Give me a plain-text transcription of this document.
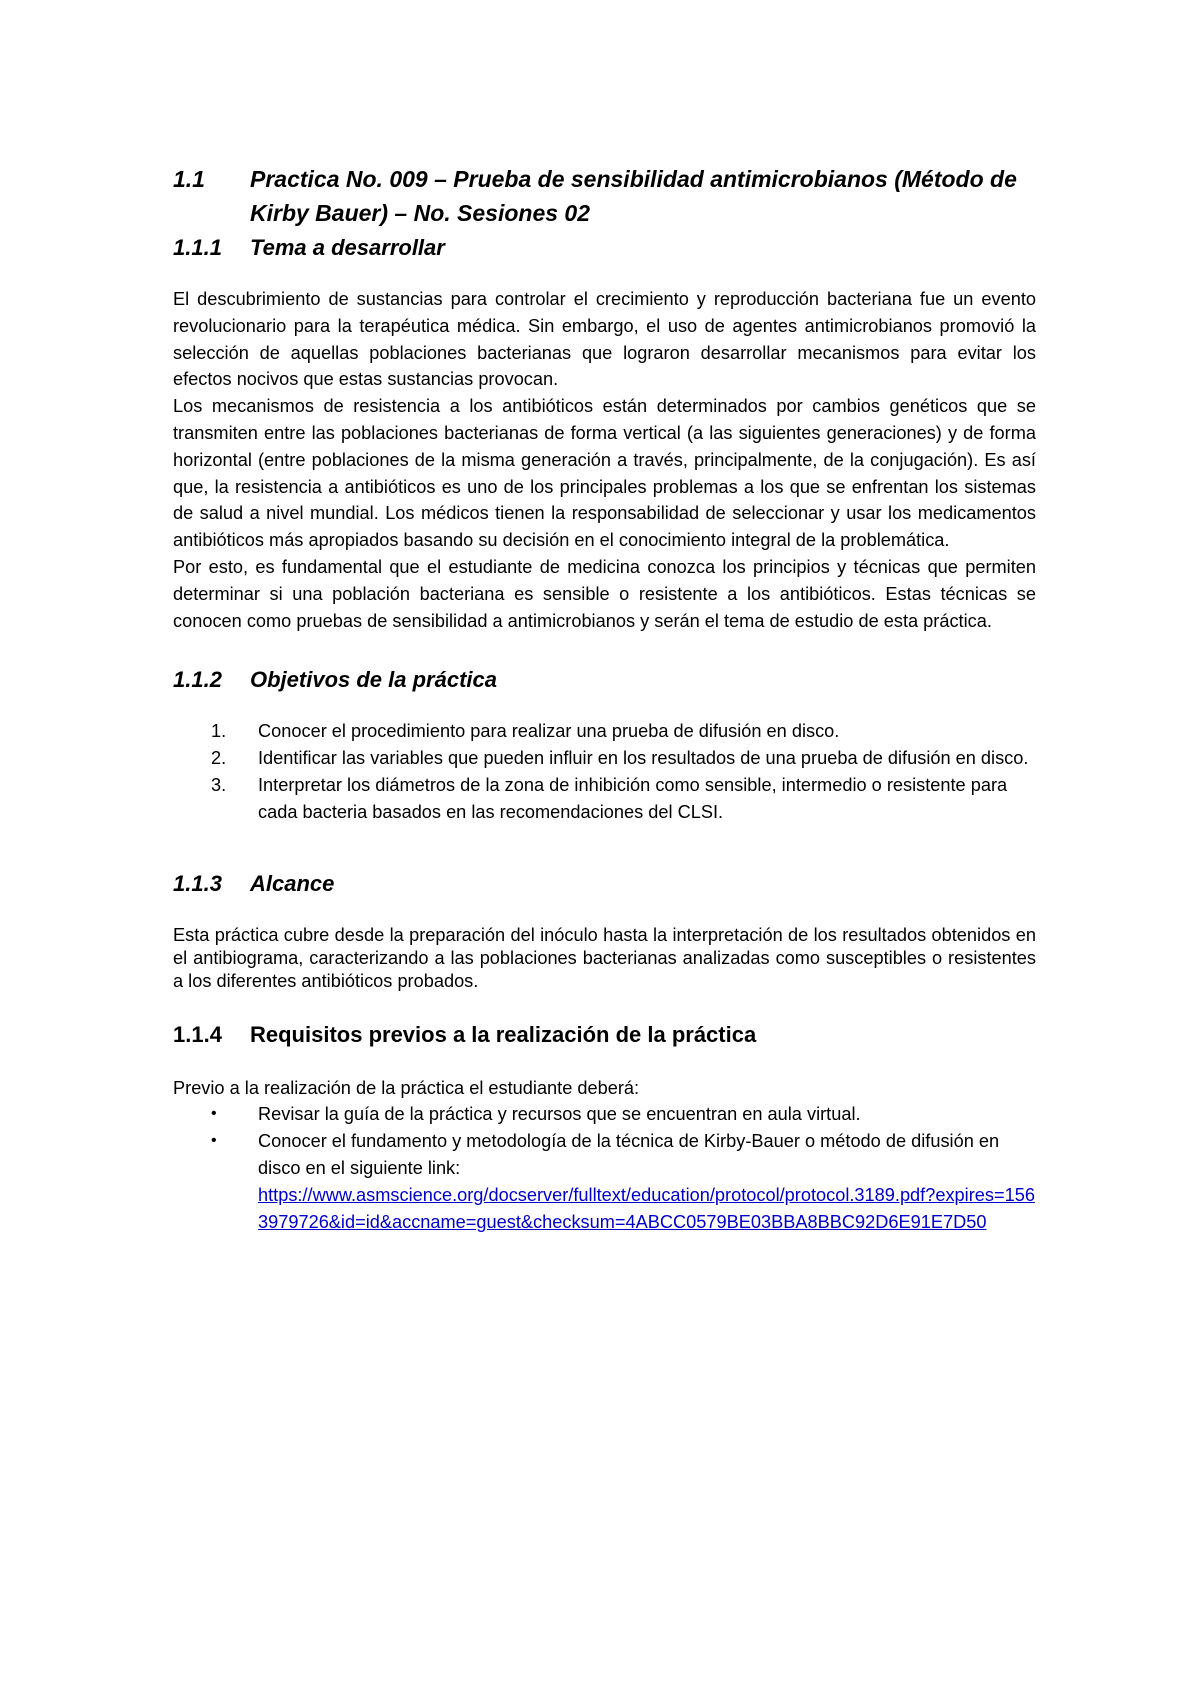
1.1	Practica No. 009 – Prueba de sensibilidad antimicrobianos (Método de Kirby Bauer) – No. Sesiones 02
1.1.1	Tema a desarrollar

El descubrimiento de sustancias para controlar el crecimiento y reproducción bacteriana fue un evento revolucionario para la terapéutica médica. Sin embargo, el uso de agentes antimicrobianos promovió la selección de aquellas poblaciones bacterianas que lograron desarrollar mecanismos para evitar los efectos nocivos que estas sustancias provocan.

Los mecanismos de resistencia a los antibióticos están determinados por cambios genéticos que se transmiten entre las poblaciones bacterianas de forma vertical (a las siguientes generaciones) y de forma horizontal (entre poblaciones de la misma generación a través, principalmente, de la conjugación). Es así que, la resistencia a antibióticos es uno de los principales problemas a los que se enfrentan los sistemas de salud a nivel mundial. Los médicos tienen la responsabilidad de seleccionar y usar los medicamentos antibióticos más apropiados basando su decisión en el conocimiento integral de la problemática.

Por esto, es fundamental que el estudiante de medicina conozca los principios y técnicas que permiten determinar si una población bacteriana es sensible o resistente a los antibióticos. Estas técnicas se conocen como pruebas de sensibilidad a antimicrobianos y serán el tema de estudio de esta práctica.

1.1.2	Objetivos de la práctica
1.	Conocer el procedimiento para realizar una prueba de difusión en disco.
2.	Identificar las variables que pueden influir en los resultados de una prueba de difusión en disco.
3.	Interpretar los diámetros de la zona de inhibición como sensible, intermedio o resistente para cada bacteria basados en las recomendaciones del CLSI.
1.1.3	Alcance

Esta práctica cubre desde la preparación del inóculo hasta la interpretación de los resultados obtenidos en el antibiograma, caracterizando a las poblaciones bacterianas analizadas como susceptibles o resistentes a los diferentes antibióticos probados.

1.1.4	Requisitos previos a la realización de la práctica

Previo a la realización de la práctica el estudiante deberá:

•	Revisar la guía de la práctica y recursos que se encuentran en aula virtual.
•	Conocer el fundamento y metodología de la técnica de Kirby-Bauer o método de difusión en disco en el siguiente link:
https://www.asmscience.org/docserver/fulltext/education/protocol/protocol.3189.pdf?expires=1563979726&id=id&accname=guest&checksum=4ABCC0579BE03BBA8BBC92D6E91E7D50
